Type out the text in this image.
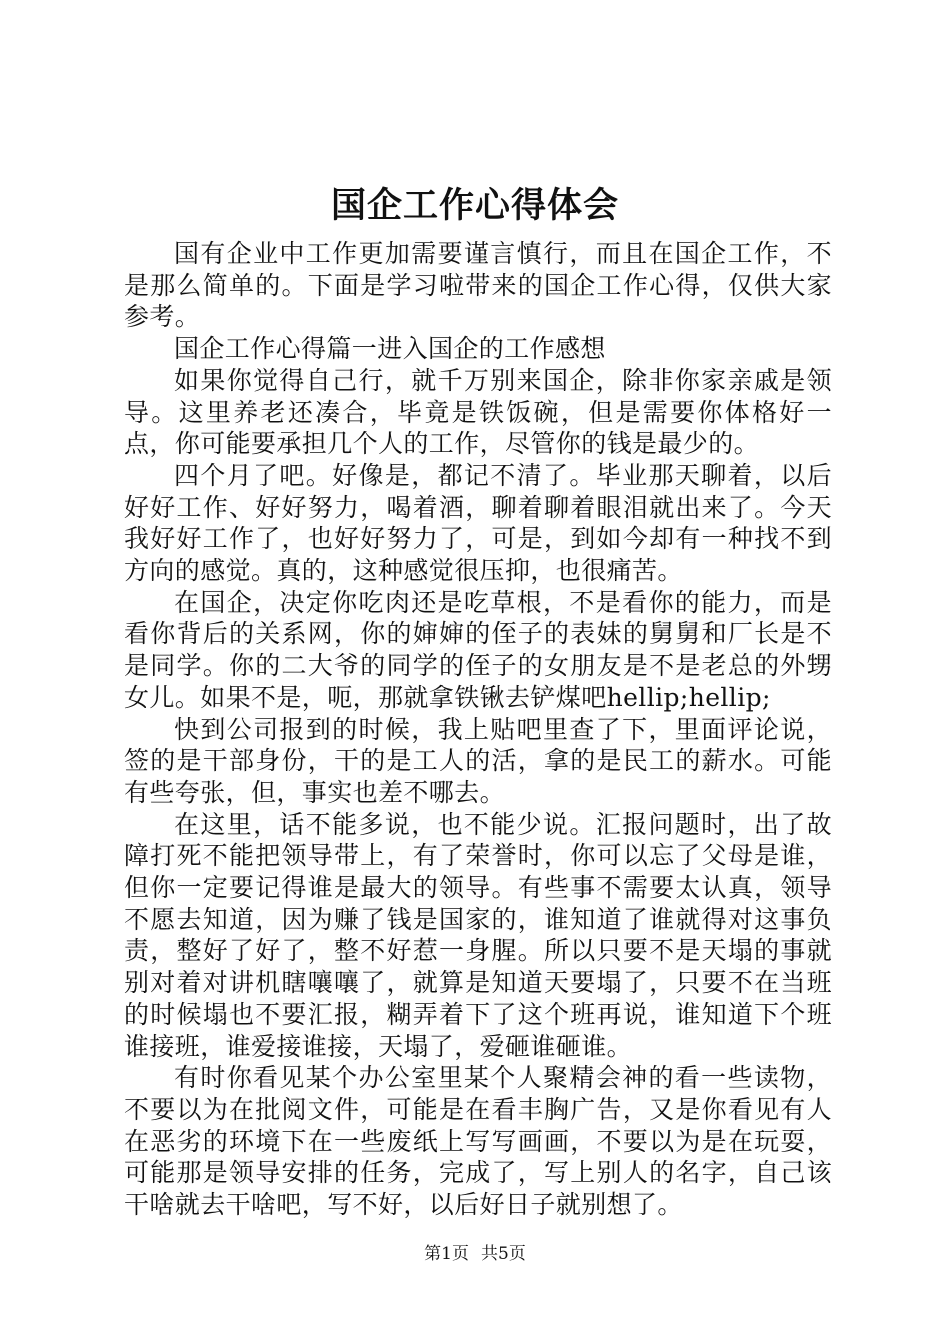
国企工作心得体会

国有企业中工作更加需要谨言慎行，而且在国企工作，不是那么简单的。下面是学习啦带来的国企工作心得，仅供大家参考。

国企工作心得篇一进入国企的工作感想

如果你觉得自己行，就千万别来国企，除非你家亲戚是领导。这里养老还凑合，毕竟是铁饭碗，但是需要你体格好一点，你可能要承担几个人的工作，尽管你的钱是最少的。

四个月了吧。好像是，都记不清了。毕业那天聊着，以后好好工作、好好努力，喝着酒，聊着聊着眼泪就出来了。今天我好好工作了，也好好努力了，可是，到如今却有一种找不到方向的感觉。真的，这种感觉很压抑，也很痛苦。

在国企，决定你吃肉还是吃草根，不是看你的能力，而是看你背后的关系网，你的婶婶的侄子的表妹的舅舅和厂长是不是同学。你的二大爷的同学的侄子的女朋友是不是老总的外甥女儿。如果不是，呃，那就拿铁锹去铲煤吧hellip;hellip;

快到公司报到的时候，我上贴吧里查了下，里面评论说，签的是干部身份，干的是工人的活，拿的是民工的薪水。可能有些夸张，但，事实也差不哪去。

在这里，话不能多说，也不能少说。汇报问题时，出了故障打死不能把领导带上，有了荣誉时，你可以忘了父母是谁，但你一定要记得谁是最大的领导。有些事不需要太认真，领导不愿去知道，因为赚了钱是国家的，谁知道了谁就得对这事负责，整好了好了，整不好惹一身腥。所以只要不是天塌的事就别对着对讲机瞎嚷嚷了，就算是知道天要塌了，只要不在当班的时候塌也不要汇报，糊弄着下了这个班再说，谁知道下个班谁接班，谁爱接谁接，天塌了，爱砸谁砸谁。

有时你看见某个办公室里某个人聚精会神的看一些读物，不要以为在批阅文件，可能是在看丰胸广告，又是你看见有人在恶劣的环境下在一些废纸上写写画画，不要以为是在玩耍，可能那是领导安排的任务，完成了，写上别人的名字，自己该干啥就去干啥吧，写不好，以后好日子就别想了。

第1页 共5页
